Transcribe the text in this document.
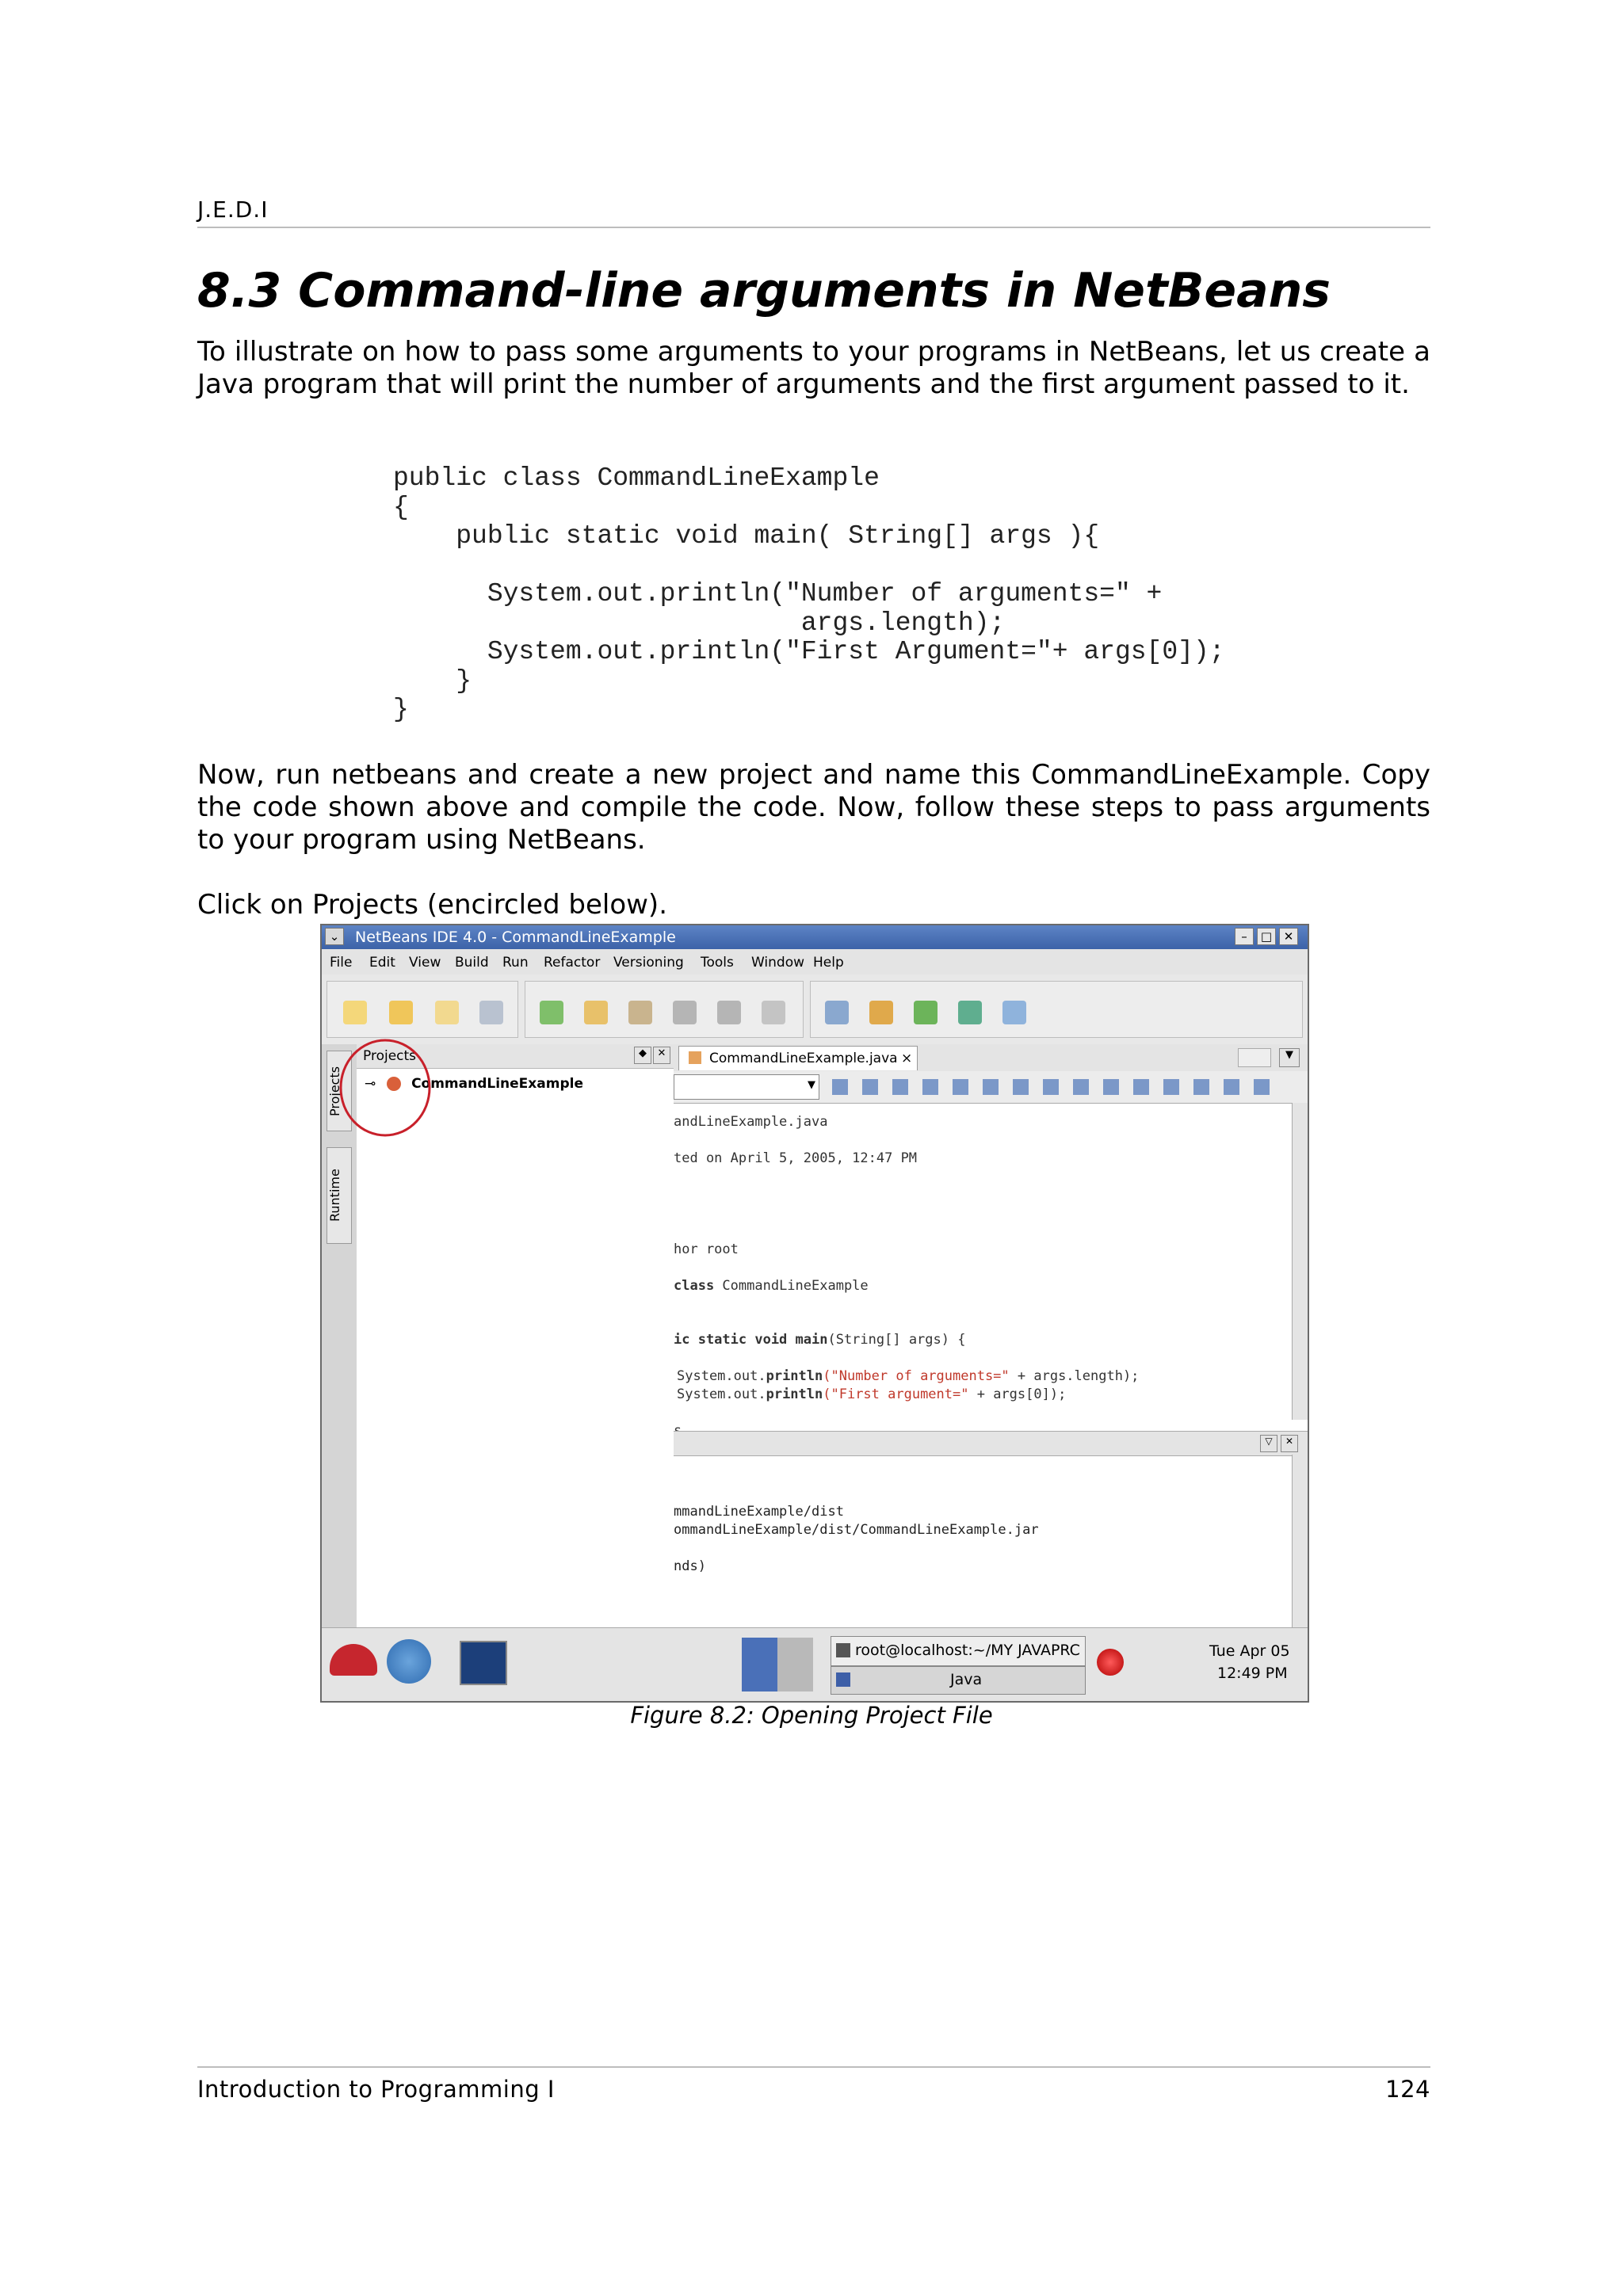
J.E.D.I
8.3 Command-line arguments in NetBeans
To illustrate on how to pass some arguments to your programs in NetBeans, let us create a Java program that will print the number of arguments and the first argument passed to it.
public class CommandLineExample
{
public static void main( String[] args ){

System.out.println("Number of arguments=" +
args.length);
System.out.println("First Argument="+ args[0]);
}
}
Now, run netbeans and create a new project and name this CommandLineExample. Copy the code shown above and compile the code. Now, follow these steps to pass arguments to your program using NetBeans.
Click on Projects (encircled below).
⌄	NetBeans IDE 4.0 - CommandLineExample	–	□ ✕
File Edit View Build Run Refactor Versioning Tools Window Help
Projects
Runtime
Projects	◆	✕
⊸	CommandLineExample
CommandLineExample.java ×	▼
▼
andLineExample.java
ted on April 5, 2005, 12:47 PM
hor root
class CommandLineExample
ic static void main(String[] args) {
System.out.println("Number of arguments=" + args.length);
System.out.println("First argument=" + args[0]);
▽	✕
mmandLineExample/dist
ommandLineExample/dist/CommandLineExample.jar
nds)
root@localhost:~/MY JAVAPRC
Java
Tue Apr 05
12:49 PM
Figure 8.2: Opening Project File
Introduction to Programming I	124
